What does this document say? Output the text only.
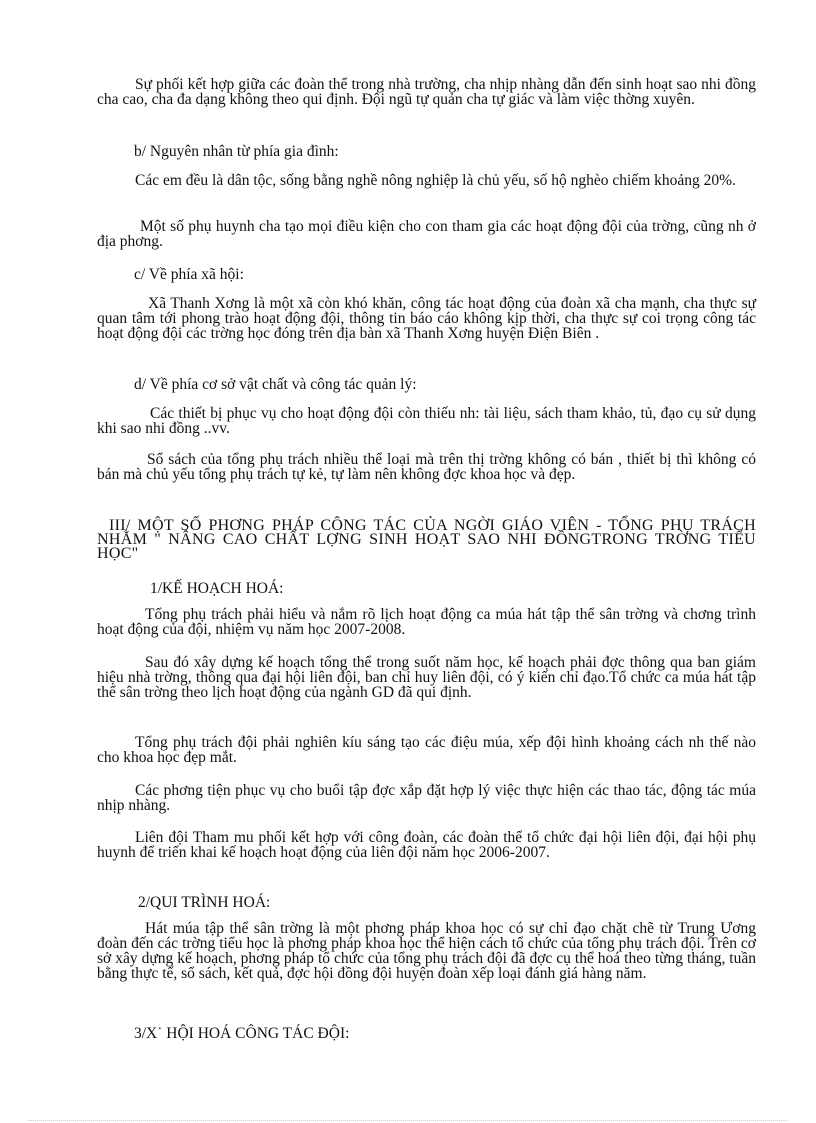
Sự phối kết hợp giữa các đoàn thể trong nhà trường, cha nhịp nhàng dẫn đến sinh hoạt sao nhi đồng cha cao, cha đa dạng không theo qui định. Đội ngũ tự quản cha tự giác và làm việc thờng xuyên.

b/ Nguyên nhân từ phía gia đình:

Các em đều là dân tộc, sống bằng nghề nông nghiệp là chủ yếu, số hộ nghèo chiếm khoảng 20%.

Một số phụ huynh cha tạo mọi điều kiện cho con tham gia các hoạt động đội của trờng, cũng nh ở địa phơng.

c/ Về phía xã hội:

Xã Thanh Xơng là một xã còn khó khăn, công tác hoạt động của đoàn xã cha mạnh, cha thực sự quan tâm tới phong trào hoạt động đội, thông tin báo cáo không kịp thời, cha thực sự coi trọng công tác hoạt động đội các trờng học đóng trên địa bàn xã Thanh Xơng huyện Điện Biên .

d/ Về phía cơ sở vật chất và công tác quản lý:

Các thiết bị phục vụ cho hoạt động đội còn thiếu nh: tài liệu, sách tham khảo, tủ, đạo cụ sử dụng khi sao nhi đồng ..vv.

Sổ sách của tổng phụ trách nhiều thể loại mà trên thị trờng không có bán , thiết bị thì không có bán mà chủ yếu tổng phụ trách tự kẻ, tự làm nên không đợc khoa học và đẹp.

III/ MỘT SỐ PHƠNG PHÁP CÔNG TÁC CỦA NGỜI GIÁO VIÊN - TỔNG PHỤ TRÁCH NHẰM " NÂNG CAO CHẤT LỢNG SINH HOẠT SAO NHI ĐỒNGTRONG TRỜNG TIỂU HỌC"

1/KẾ HOẠCH HOÁ:

Tổng phụ trách phải hiểu và nắm rõ lịch hoạt động ca múa hát tập thể sân trờng và chơng trình hoạt động của đội, nhiệm vụ năm học 2007-2008.

Sau đó xây dựng kế hoạch tổng thể trong suốt năm học, kế hoạch phải đợc thông qua ban giám hiệu nhà trờng, thông qua đại hội liên đội, ban chỉ huy liên đội, có ý kiến chỉ đạo.Tổ chức ca múa hát tập thể sân trờng theo lịch hoạt động của ngành GD đã qui định.

Tổng phụ trách đội phải nghiên kíu sáng tạo các điệu múa, xếp đội hình khoảng cách nh thế nào cho khoa học đẹp mắt.

Các phơng tiện phục vụ cho buổi tập đợc xắp đặt hợp lý việc thực hiện các thao tác, động tác múa nhịp nhàng.

Liên đội Tham mu phối kết hợp với công đoàn, các đoàn thể tổ chức đại hội liên đội, đại hội phụ huynh để triển khai kế hoạch hoạt động của liên đội năm học 2006-2007.

2/QUI TRÌNH HOÁ:

Hát múa tập thể sân trờng là một phơng pháp khoa học có sự chỉ đạo chặt chẽ từ Trung Ương đoàn đến các trờng tiểu học là phơng pháp khoa học thể hiện cách tổ chức của tổng phụ trách đội. Trên cơ sở xây dựng kế hoạch, phơng pháp tổ chức của tổng phụ trách đội đã đợc cụ thể hoá theo từng tháng, tuần bằng thực tế, sổ sách, kết quả, đợc hội đồng đội huyện đoàn xếp loại đánh giá hàng năm.

3/X˙ HỘI HOÁ CÔNG TÁC ĐỘI:
